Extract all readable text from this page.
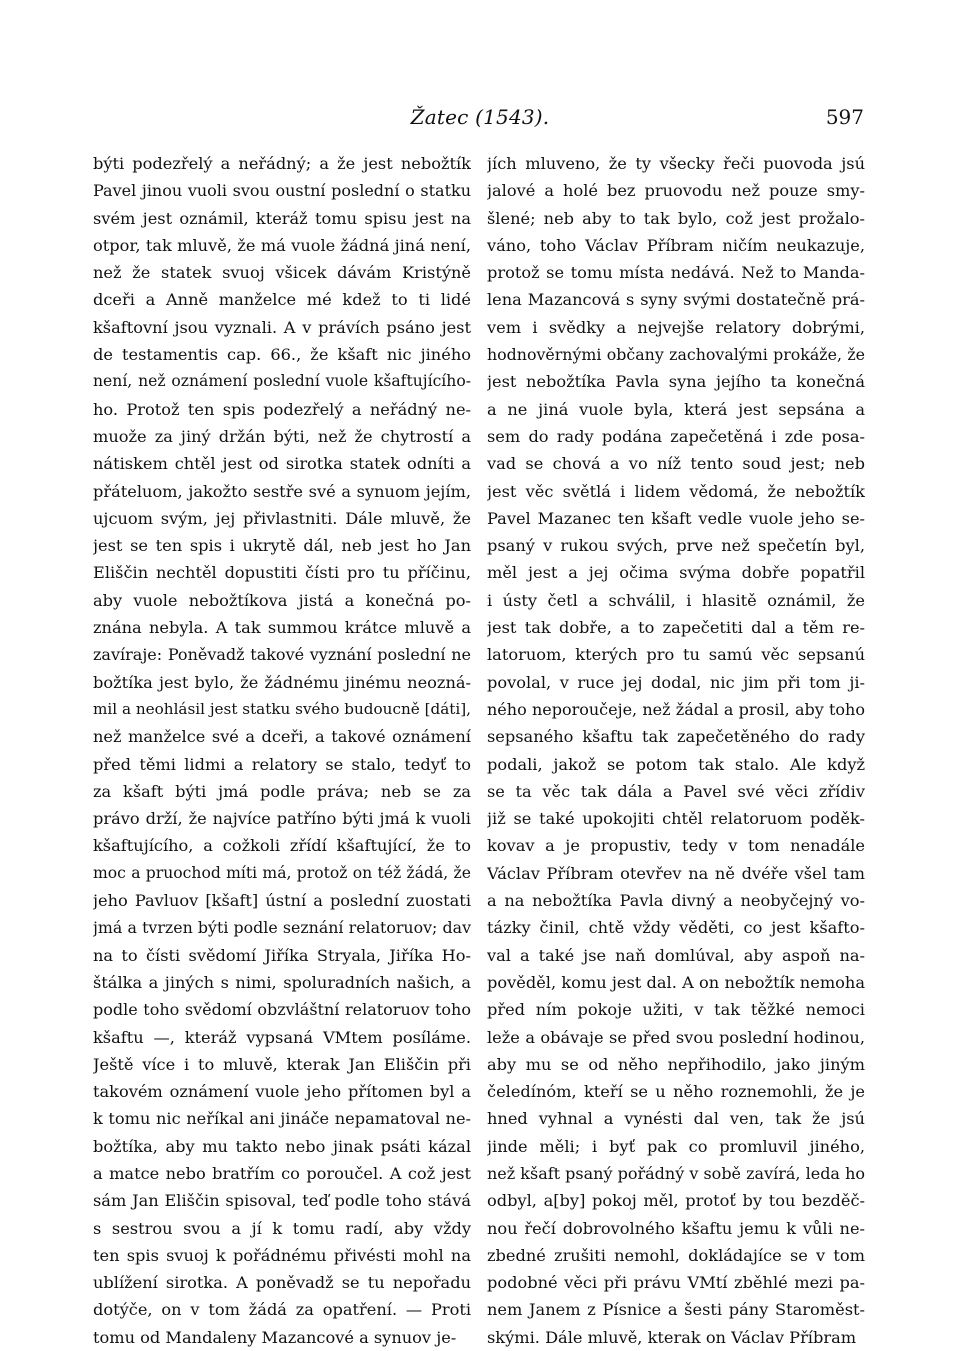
Žatec (1543).	597
býti podezřelý a neřádný; a že jest nebožtík
Pavel jinou vuoli svou oustní poslední o statku
svém jest oznámil, kteráž tomu spisu jest na
otpor, tak mluvě, že má vuole žádná jiná není,
než že statek svuoj všicek dávám Kristýně
dceři a Anně manželce mé kdež to ti lidé
kšaftovní jsou vyznali. A v právích psáno jest
de testamentis cap. 66., že kšaft nic jiného
není, než oznámení poslední vuole kšaftujícího-
ho. Protož ten spis podezřelý a neřádný ne-
muože za jiný držán býti, než že chytrostí a
nátiskem chtěl jest od sirotka statek odníti a
přáteluom, jakožto sestře své a synuom jejím,
ujcuom svým, jej přivlastniti. Dále mluvě, že
jest se ten spis i ukrytě dál, neb jest ho Jan
Eliščin nechtěl dopustiti čísti pro tu příčinu,
aby vuole nebožtíkova jistá a konečná po-
znána nebyla. A tak summou krátce mluvě a
zavíraje: Poněvadž takové vyznání poslední ne
božtíka jest bylo, že žádnému jinému neozná-
mil a neohlásil jest statku svého budoucně [dáti],
než manželce své a dceři, a takové oznámení
před těmi lidmi a relatory se stalo, tedyť to
za kšaft býti jmá podle práva; neb se za
právo drží, že najvíce patříno býti jmá k vuoli
kšaftujícího, a cožkoli zřídí kšaftující, že to
moc a pruochod míti má, protož on též žádá, že
jeho Pavluov [kšaft] ústní a poslední zuostati
jmá a tvrzen býti podle seznání relatoruov; dav
na to čísti svědomí Jiříka Stryala, Jiříka Ho-
štálka a jiných s nimi, spoluradních našich, a
podle toho svědomí obzvláštní relatoruov toho
kšaftu —, kteráž vypsaná VMtem posíláme.
Ještě více i to mluvě, kterak Jan Eliščin při
takovém oznámení vuole jeho přítomen byl a
k tomu nic neříkal ani jináče nepamatoval ne-
božtíka, aby mu takto nebo jinak psáti kázal
a matce nebo bratřím co poroučel. A což jest
sám Jan Eliščin spisoval, teď podle toho stává
s sestrou svou a jí k tomu radí, aby vždy
ten spis svuoj k pořádnému přivésti mohl na
ublížení sirotka. A poněvadž se tu nepořadu
dotýče, on v tom žádá za opatření. — Proti
tomu od Mandaleny Mazancové a synuov je-
jích mluveno, že ty všecky řeči puovoda jsú
jalové a holé bez pruovodu než pouze smy-
šlené; neb aby to tak bylo, což jest prožalo-
váno, toho Václav Příbram ničím neukazuje,
protož se tomu místa nedává. Než to Manda-
lena Mazancová s syny svými dostatečně prá-
vem i svědky a nejvejše relatory dobrými,
hodnověrnými občany zachovalými prokáže, že
jest nebožtíka Pavla syna jejího ta konečná
a ne jiná vuole byla, která jest sepsána a
sem do rady podána zapečetěná i zde posa-
vad se chová a vo níž tento soud jest; neb
jest věc světlá i lidem vědomá, že nebožtík
Pavel Mazanec ten kšaft vedle vuole jeho se-
psaný v rukou svých, prve než spečetín byl,
měl jest a jej očima svýma dobře popatřil
i ústy četl a schválil, i hlasitě oznámil, že
jest tak dobře, a to zapečetiti dal a těm re-
latoruom, kterých pro tu samú věc sepsanú
povolal, v ruce jej dodal, nic jim při tom ji-
ného neporoučeje, než žádal a prosil, aby toho
sepsaného kšaftu tak zapečetěného do rady
podali, jakož se potom tak stalo. Ale když
se ta věc tak dála a Pavel své věci zřídiv
již se také upokojiti chtěl relatoruom poděk-
kovav a je propustiv, tedy v tom nenadále
Václav Příbram otevřev na ně dvéře všel tam
a na nebožtíka Pavla divný a neobyčejný vo-
tázky činil, chtě vždy věděti, co jest kšafto-
val a také jse naň domlúval, aby aspoň na-
pověděl, komu jest dal. A on nebožtík nemoha
před ním pokoje užiti, v tak těžké nemoci
leže a obávaje se před svou poslední hodinou,
aby mu se od něho nepřihodilo, jako jiným
čeledínóm, kteří se u něho roznemohli, že je
hned vyhnal a vynésti dal ven, tak že jsú
jinde měli; i byť pak co promluvil jiného,
než kšaft psaný pořádný v sobě zavírá, leda ho
odbyl, a[by] pokoj měl, protoť by tou bezděč-
nou řečí dobrovolného kšaftu jemu k vůli ne-
zbedné zrušiti nemohl, dokládajíce se v tom
podobné věci při právu VMtí zběhlé mezi pa-
nem Janem z Písnice a šesti pány Staroměst-
skými. Dále mluvě, kterak on Václav Příbram
